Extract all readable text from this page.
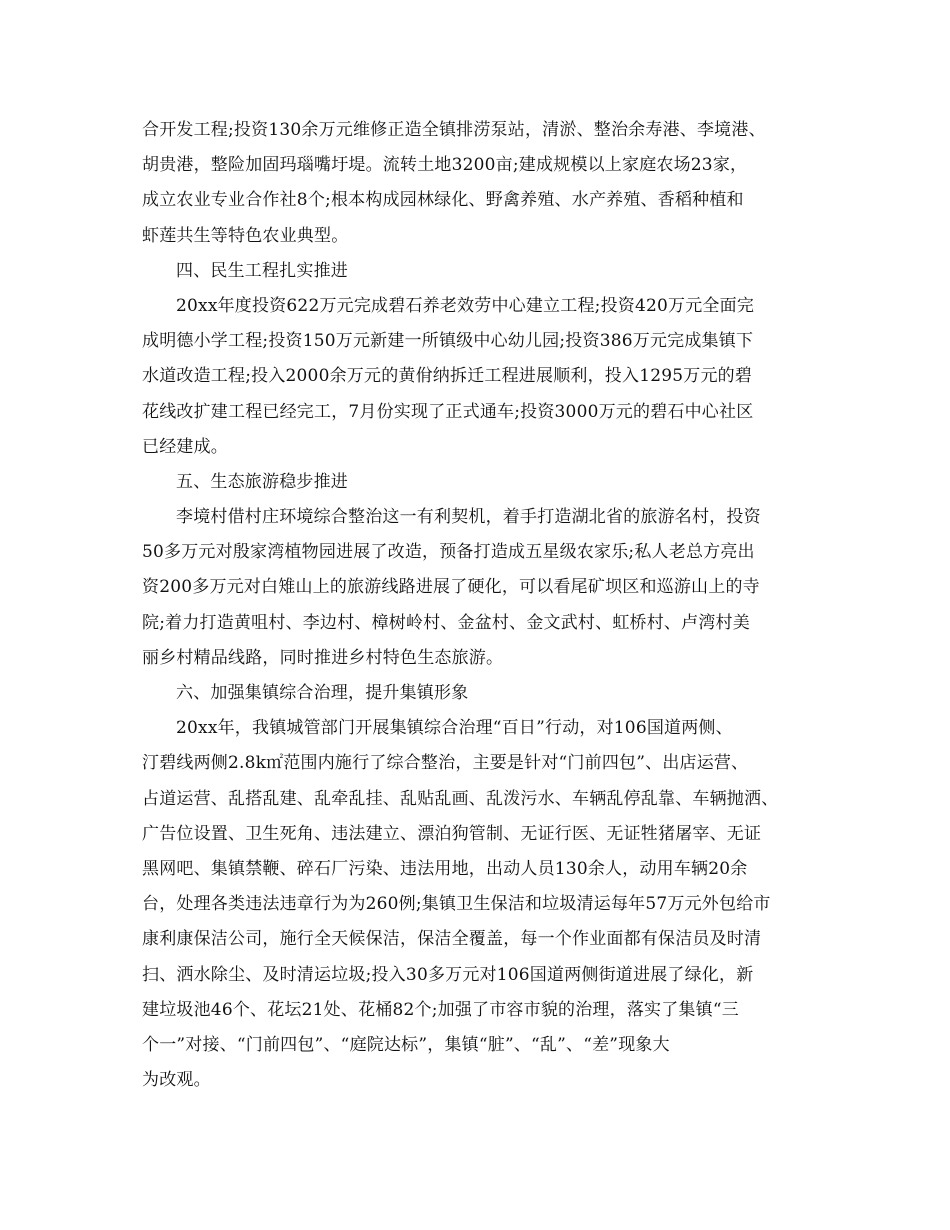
合开发工程;投资130余万元维修正造全镇排涝泵站，清淤、整治余寿港、李境港、
胡贵港，整险加固玛瑙嘴圩堤。流转土地3200亩;建成规模以上家庭农场23家，
成立农业专业合作社8个;根本构成园林绿化、野禽养殖、水产养殖、香稻种植和
虾莲共生等特色农业典型。
四、民生工程扎实推进
20xx年度投资622万元完成碧石养老效劳中心建立工程;投资420万元全面完
成明德小学工程;投资150万元新建一所镇级中心幼儿园;投资386万元完成集镇下
水道改造工程;投入2000余万元的黄佾纳拆迁工程进展顺利，投入1295万元的碧
花线改扩建工程已经完工，7月份实现了正式通车;投资3000万元的碧石中心社区
已经建成。
五、生态旅游稳步推进
李境村借村庄环境综合整治这一有利契机，着手打造湖北省的旅游名村，投资
50多万元对殷家湾植物园进展了改造，预备打造成五星级农家乐;私人老总方亮出
资200多万元对白雉山上的旅游线路进展了硬化，可以看尾矿坝区和巡游山上的寺
院;着力打造黄咀村、李边村、樟树岭村、金盆村、金文武村、虹桥村、卢湾村美
丽乡村精品线路，同时推进乡村特色生态旅游。
六、加强集镇综合治理，提升集镇形象
20xx年，我镇城管部门开展集镇综合治理“百日”行动，对106国道两侧、
汀碧线两侧2.8k㎡范围内施行了综合整治，主要是针对“门前四包”、出店运营、
占道运营、乱搭乱建、乱牵乱挂、乱贴乱画、乱泼污水、车辆乱停乱靠、车辆抛洒、
广告位设置、卫生死角、违法建立、漂泊狗管制、无证行医、无证牲猪屠宰、无证
黑网吧、集镇禁鞭、碎石厂污染、违法用地，出动人员130余人，动用车辆20余
台，处理各类违法违章行为为260例;集镇卫生保洁和垃圾清运每年57万元外包给市
康利康保洁公司，施行全天候保洁，保洁全覆盖，每一个作业面都有保洁员及时清
扫、洒水除尘、及时清运垃圾;投入30多万元对106国道两侧街道进展了绿化，新
建垃圾池46个、花坛21处、花桶82个;加强了市容市貌的治理，落实了集镇“三
个一”对接、“门前四包”、“庭院达标”，集镇“脏”、“乱”、“差”现象大
为改观。
